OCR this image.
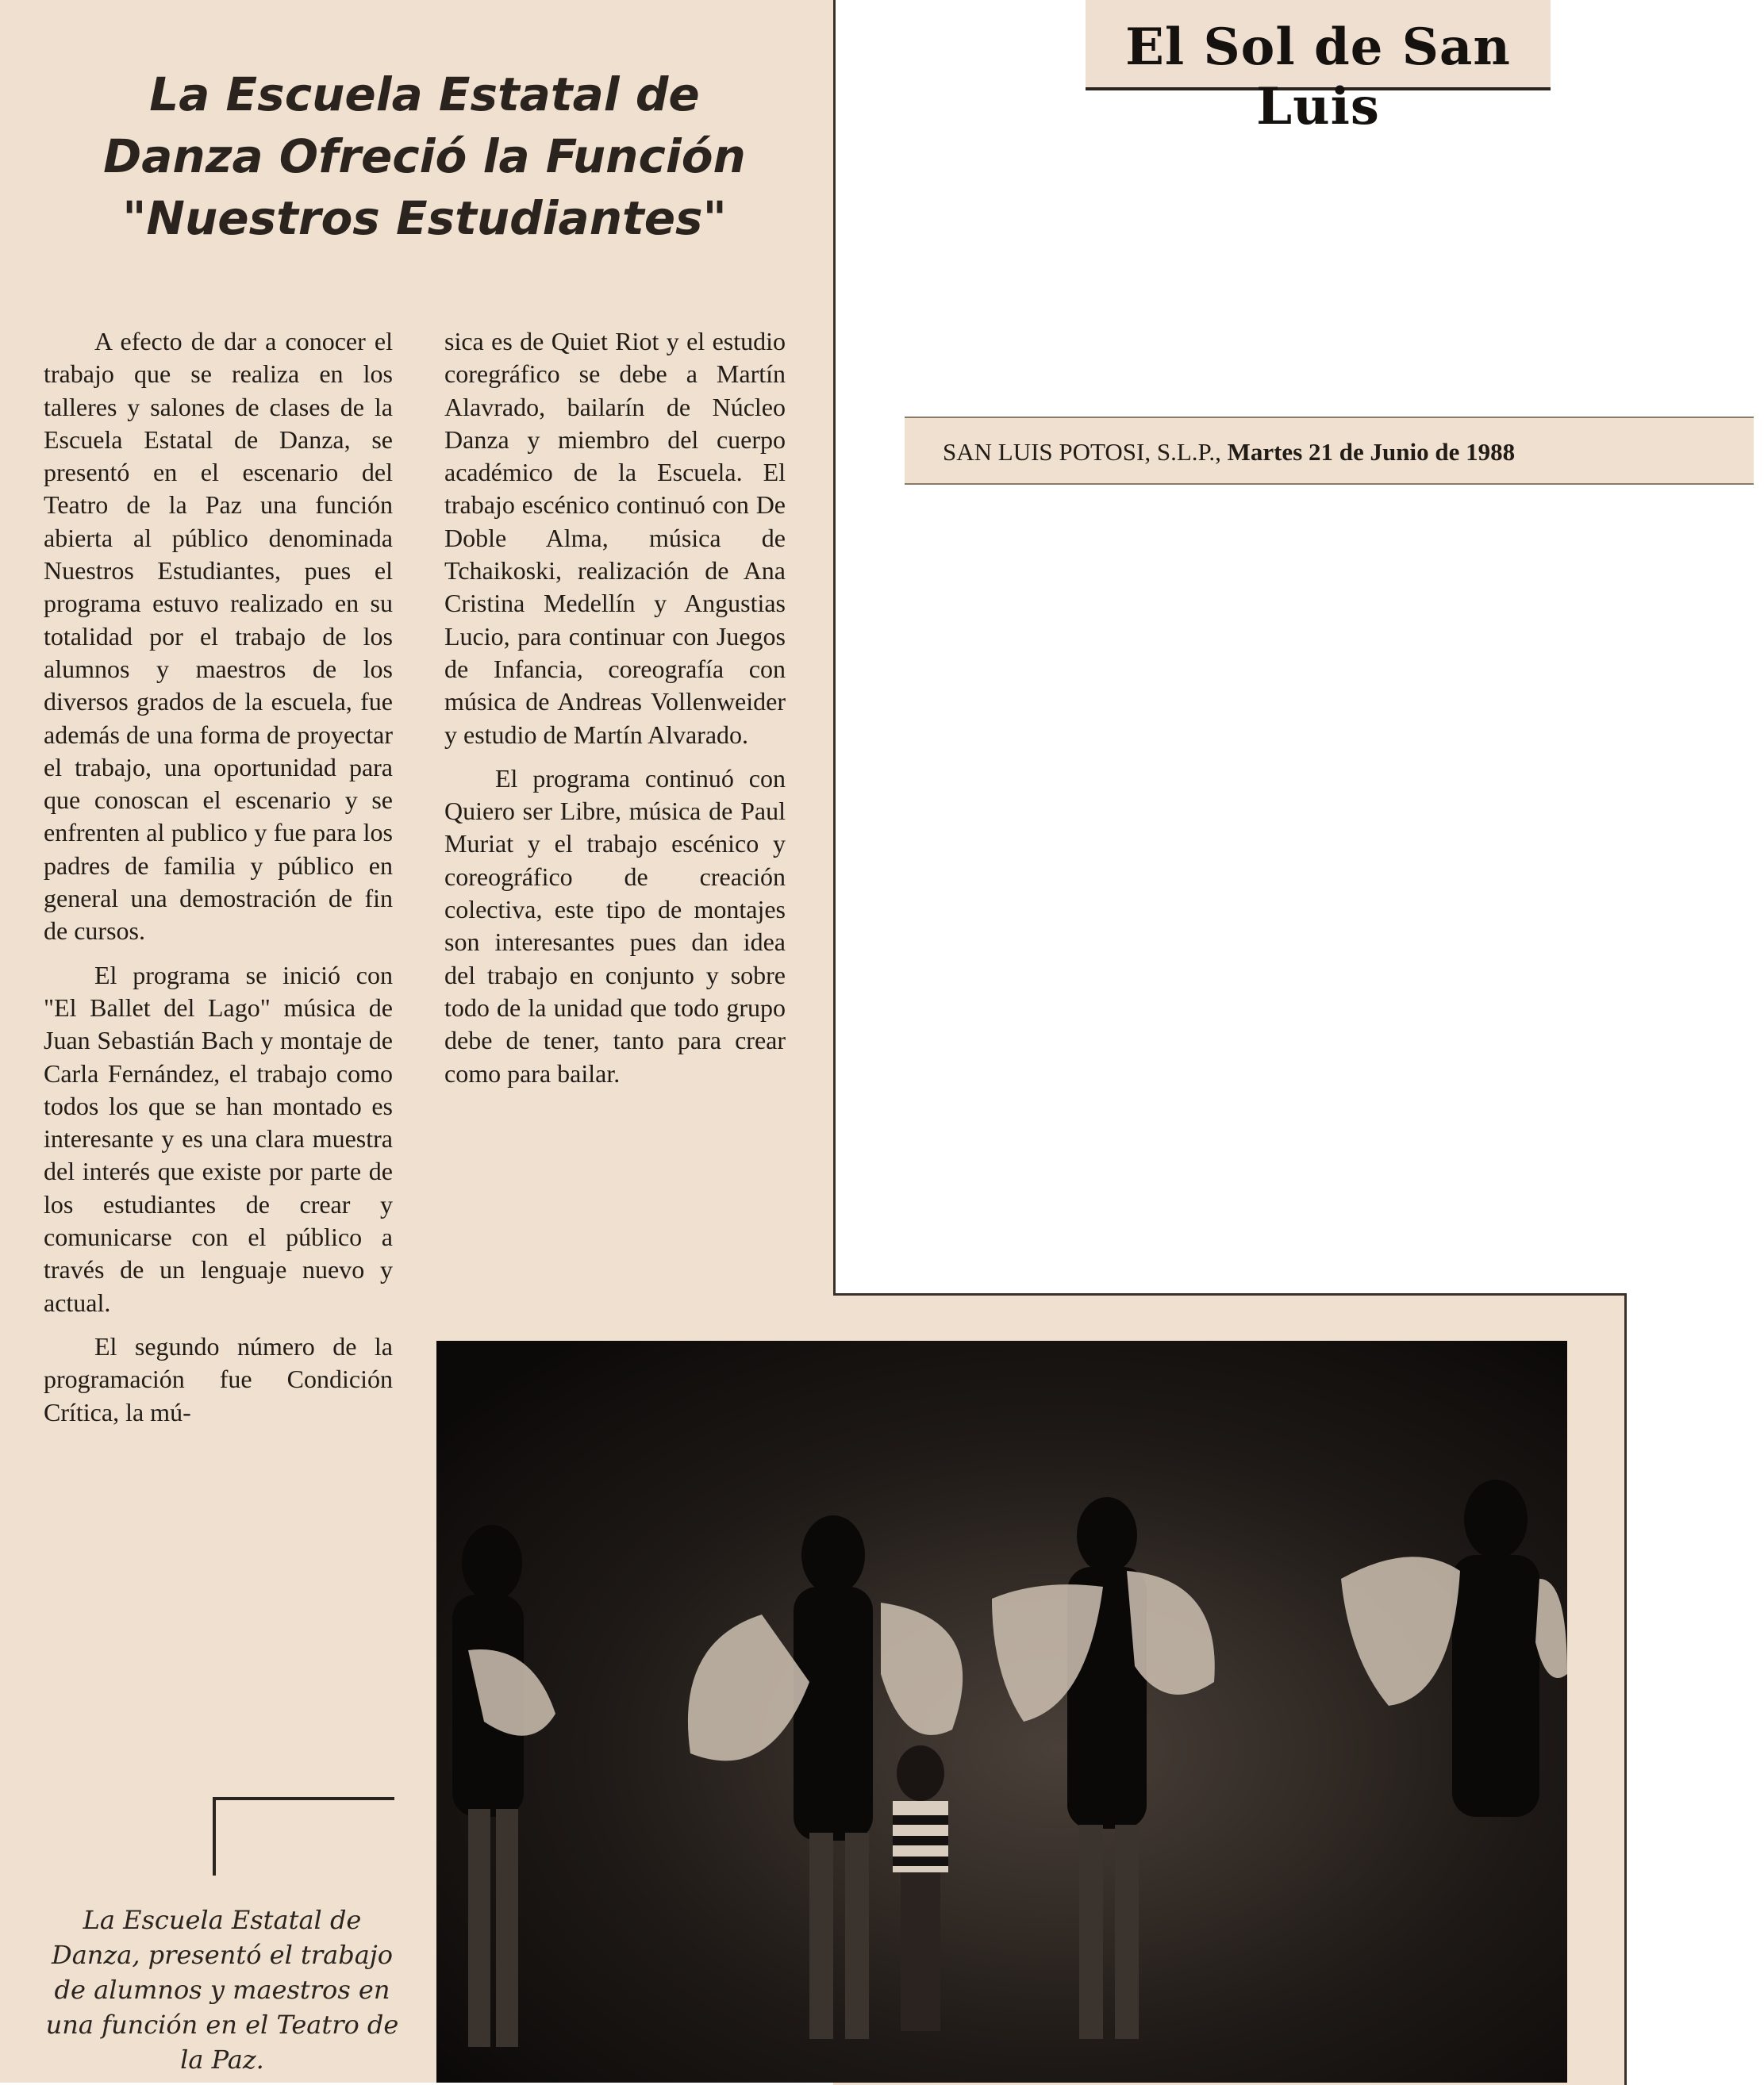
La Escuela Estatal de
Danza Ofreció la Función
"Nuestros Estudiantes"

A efecto de dar a conocer el trabajo que se realiza en los talleres y salones de clases de la Escuela Estatal de Danza, se presentó en el escenario del Teatro de la Paz una función abierta al público denominada Nuestros Estudiantes, pues el programa estuvo realizado en su totalidad por el trabajo de los alumnos y maestros de los diversos grados de la escuela, fue además de una forma de proyectar el trabajo, una oportunidad para que conoscan el escenario y se enfrenten al publico y fue para los padres de familia y público en general una demostración de fin de cursos.

El programa se inició con "El Ballet del Lago" música de Juan Sebastián Bach y montaje de Carla Fernández, el trabajo como todos los que se han montado es interesante y es una clara muestra del interés que existe por parte de los estudiantes de crear y comunicarse con el público a través de un lenguaje nuevo y actual.

El segundo número de la programación fue Condición Crítica, la mú-

sica es de Quiet Riot y el estudio coregráfico se debe a Martín Alavrado, bailarín de Núcleo Danza y miembro del cuerpo académico de la Escuela. El trabajo escénico continuó con De Doble Alma, música de Tchaikoski, realización de Ana Cristina Medellín y Angustias Lucio, para continuar con Juegos de Infancia, coreografía con música de Andreas Vollenweider y estudio de Martín Alvarado.

El programa continuó con Quiero ser Libre, música de Paul Muriat y el trabajo escénico y coreográfico de creación colectiva, este tipo de montajes son interesantes pues dan idea del trabajo en conjunto y sobre todo de la unidad que todo grupo debe de tener, tanto para crear como para bailar.

La Escuela Estatal de Danza, presentó el trabajo de alumnos y maestros en una función en el Teatro de la Paz.
El Sol de San Luis
SAN LUIS POTOSI, S.L.P., Martes 21 de Junio de 1988
